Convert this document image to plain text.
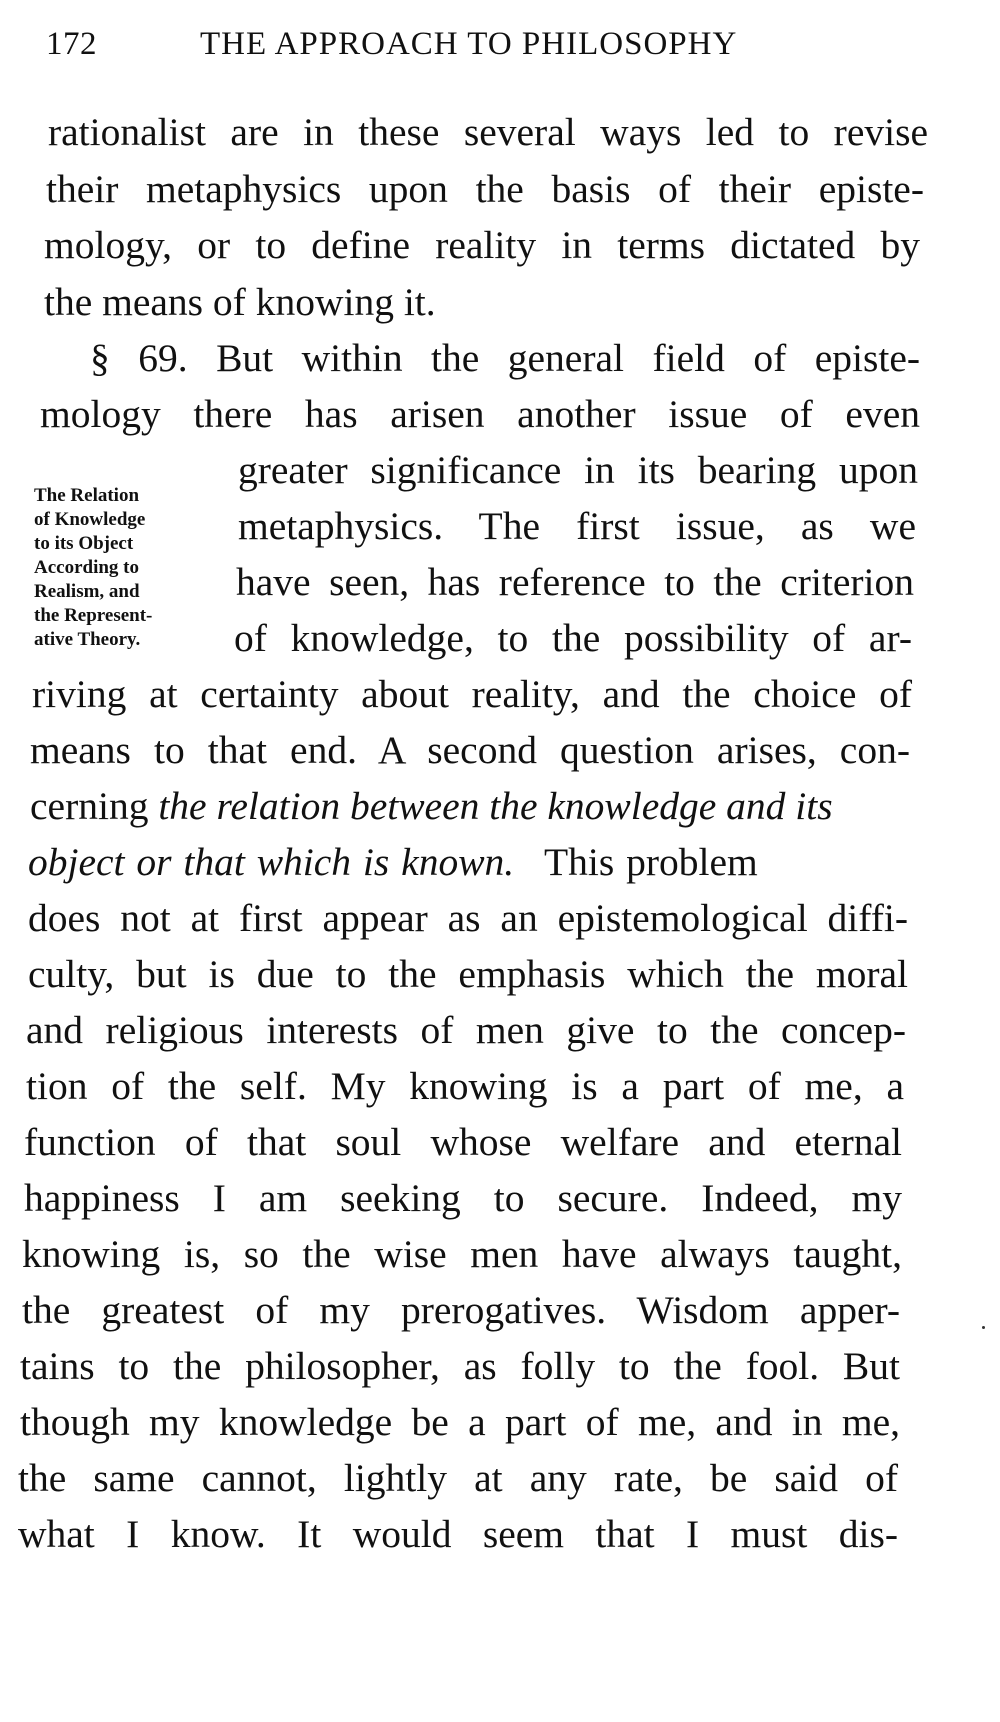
172	THE APPROACH TO PHILOSOPHY
The Relation
of Knowledge
to its Object
According to
Realism, and
the Represent-
ative Theory.
rationalist are in these several ways led to revise
their metaphysics upon the basis of their episte-
mology, or to define reality in terms dictated by
the means of knowing it.
§ 69. But within the general field of episte-
mology there has arisen another issue of even
greater significance in its bearing upon
metaphysics. The first issue, as we
have seen, has reference to the criterion
of knowledge, to the possibility of ar-
riving at certainty about reality, and the choice of
means to that end. A second question arises, con-
cerning the relation between the knowledge and its
object or that which is known. This problem
does not at first appear as an epistemological diffi-
culty, but is due to the emphasis which the moral
and religious interests of men give to the concep-
tion of the self. My knowing is a part of me, a
function of that soul whose welfare and eternal
happiness I am seeking to secure. Indeed, my
knowing is, so the wise men have always taught,
the greatest of my prerogatives. Wisdom apper-
tains to the philosopher, as folly to the fool. But
though my knowledge be a part of me, and in me,
the same cannot, lightly at any rate, be said of
what I know. It would seem that I must dis-
